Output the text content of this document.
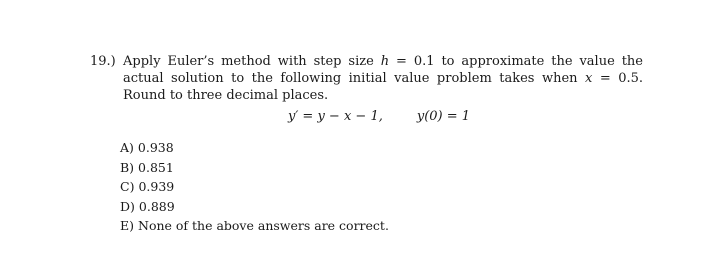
19.) Apply Euler’s method with step size h = 0.1 to approximate the value the actual solution to the following initial value problem takes when x = 0.5. Round to three decimal places.
y′ = y − x − 1,	y(0) = 1
A) 0.938
B) 0.851
C) 0.939
D) 0.889
E) None of the above answers are correct.
